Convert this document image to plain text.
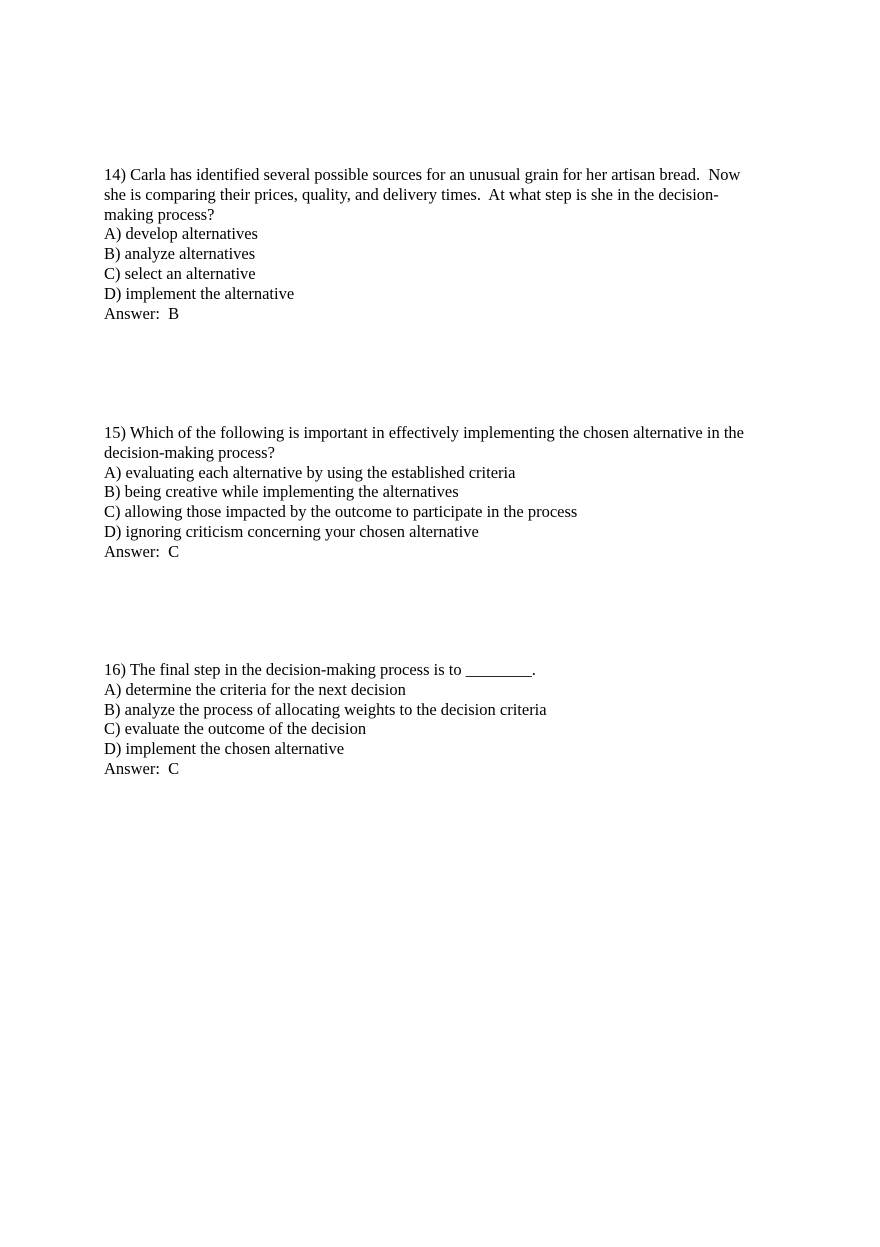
14) Carla has identified several possible sources for an unusual grain for her artisan bread.  Now
she is comparing their prices, quality, and delivery times.  At what step is she in the decision-
making process?
A) develop alternatives
B) analyze alternatives
C) select an alternative
D) implement the alternative
Answer:  B
15) Which of the following is important in effectively implementing the chosen alternative in the
decision-making process?
A) evaluating each alternative by using the established criteria
B) being creative while implementing the alternatives
C) allowing those impacted by the outcome to participate in the process
D) ignoring criticism concerning your chosen alternative
Answer:  C
16) The final step in the decision-making process is to ________.
A) determine the criteria for the next decision
B) analyze the process of allocating weights to the decision criteria
C) evaluate the outcome of the decision
D) implement the chosen alternative
Answer:  C
